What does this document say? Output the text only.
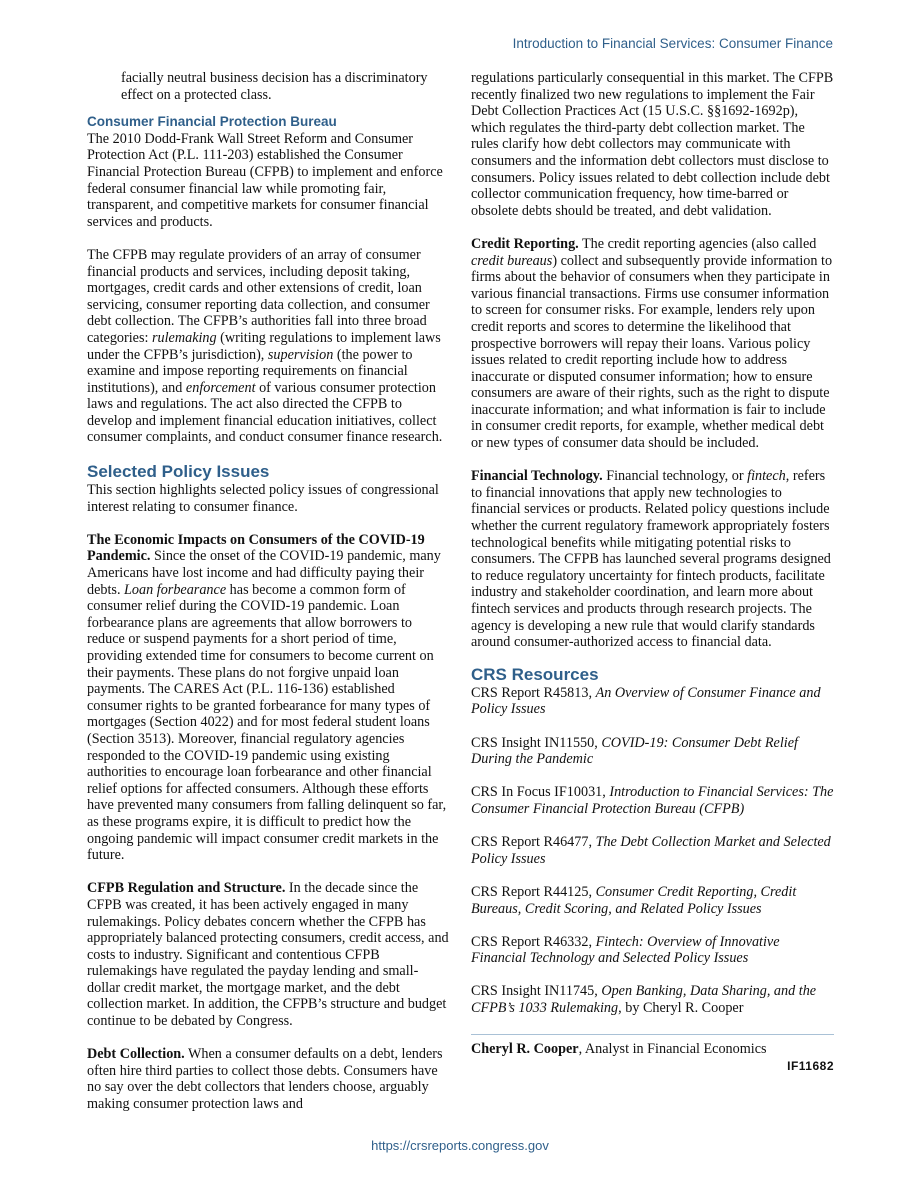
Introduction to Financial Services: Consumer Finance

facially neutral business decision has a discriminatory effect on a protected class.

Consumer Financial Protection Bureau

The 2010 Dodd-Frank Wall Street Reform and Consumer Protection Act (P.L. 111-203) established the Consumer Financial Protection Bureau (CFPB) to implement and enforce federal consumer financial law while promoting fair, transparent, and competitive markets for consumer financial services and products.

The CFPB may regulate providers of an array of consumer financial products and services, including deposit taking, mortgages, credit cards and other extensions of credit, loan servicing, consumer reporting data collection, and consumer debt collection. The CFPB’s authorities fall into three broad categories: rulemaking (writing regulations to implement laws under the CFPB’s jurisdiction), supervision (the power to examine and impose reporting requirements on financial institutions), and enforcement of various consumer protection laws and regulations. The act also directed the CFPB to develop and implement financial education initiatives, collect consumer complaints, and conduct consumer finance research.

Selected Policy Issues

This section highlights selected policy issues of congressional interest relating to consumer finance.

The Economic Impacts on Consumers of the COVID-19 Pandemic. Since the onset of the COVID-19 pandemic, many Americans have lost income and had difficulty paying their debts. Loan forbearance has become a common form of consumer relief during the COVID-19 pandemic. Loan forbearance plans are agreements that allow borrowers to reduce or suspend payments for a short period of time, providing extended time for consumers to become current on their payments. These plans do not forgive unpaid loan payments. The CARES Act (P.L. 116-136) established consumer rights to be granted forbearance for many types of mortgages (Section 4022) and for most federal student loans (Section 3513). Moreover, financial regulatory agencies responded to the COVID-19 pandemic using existing authorities to encourage loan forbearance and other financial relief options for affected consumers. Although these efforts have prevented many consumers from falling delinquent so far, as these programs expire, it is difficult to predict how the ongoing pandemic will impact consumer credit markets in the future.

CFPB Regulation and Structure. In the decade since the CFPB was created, it has been actively engaged in many rulemakings. Policy debates concern whether the CFPB has appropriately balanced protecting consumers, credit access, and costs to industry. Significant and contentious CFPB rulemakings have regulated the payday lending and small-dollar credit market, the mortgage market, and the debt collection market. In addition, the CFPB’s structure and budget continue to be debated by Congress.

Debt Collection. When a consumer defaults on a debt, lenders often hire third parties to collect those debts. Consumers have no say over the debt collectors that lenders choose, arguably making consumer protection laws and

regulations particularly consequential in this market. The CFPB recently finalized two new regulations to implement the Fair Debt Collection Practices Act (15 U.S.C. §§1692-1692p), which regulates the third-party debt collection market. The rules clarify how debt collectors may communicate with consumers and the information debt collectors must disclose to consumers. Policy issues related to debt collection include debt collector communication frequency, how time-barred or obsolete debts should be treated, and debt validation.

Credit Reporting. The credit reporting agencies (also called credit bureaus) collect and subsequently provide information to firms about the behavior of consumers when they participate in various financial transactions. Firms use consumer information to screen for consumer risks. For example, lenders rely upon credit reports and scores to determine the likelihood that prospective borrowers will repay their loans. Various policy issues related to credit reporting include how to address inaccurate or disputed consumer information; how to ensure consumers are aware of their rights, such as the right to dispute inaccurate information; and what information is fair to include in consumer credit reports, for example, whether medical debt or new types of consumer data should be included.

Financial Technology. Financial technology, or fintech, refers to financial innovations that apply new technologies to financial services or products. Related policy questions include whether the current regulatory framework appropriately fosters technological benefits while mitigating potential risks to consumers. The CFPB has launched several programs designed to reduce regulatory uncertainty for fintech products, facilitate industry and stakeholder coordination, and learn more about fintech services and products through research projects. The agency is developing a new rule that would clarify standards around consumer-authorized access to financial data.

CRS Resources

CRS Report R45813, An Overview of Consumer Finance and Policy Issues

CRS Insight IN11550, COVID-19: Consumer Debt Relief During the Pandemic

CRS In Focus IF10031, Introduction to Financial Services: The Consumer Financial Protection Bureau (CFPB)

CRS Report R46477, The Debt Collection Market and Selected Policy Issues

CRS Report R44125, Consumer Credit Reporting, Credit Bureaus, Credit Scoring, and Related Policy Issues

CRS Report R46332, Fintech: Overview of Innovative Financial Technology and Selected Policy Issues

CRS Insight IN11745, Open Banking, Data Sharing, and the CFPB’s 1033 Rulemaking, by Cheryl R. Cooper

Cheryl R. Cooper, Analyst in Financial Economics

IF11682
https://crsreports.congress.gov
